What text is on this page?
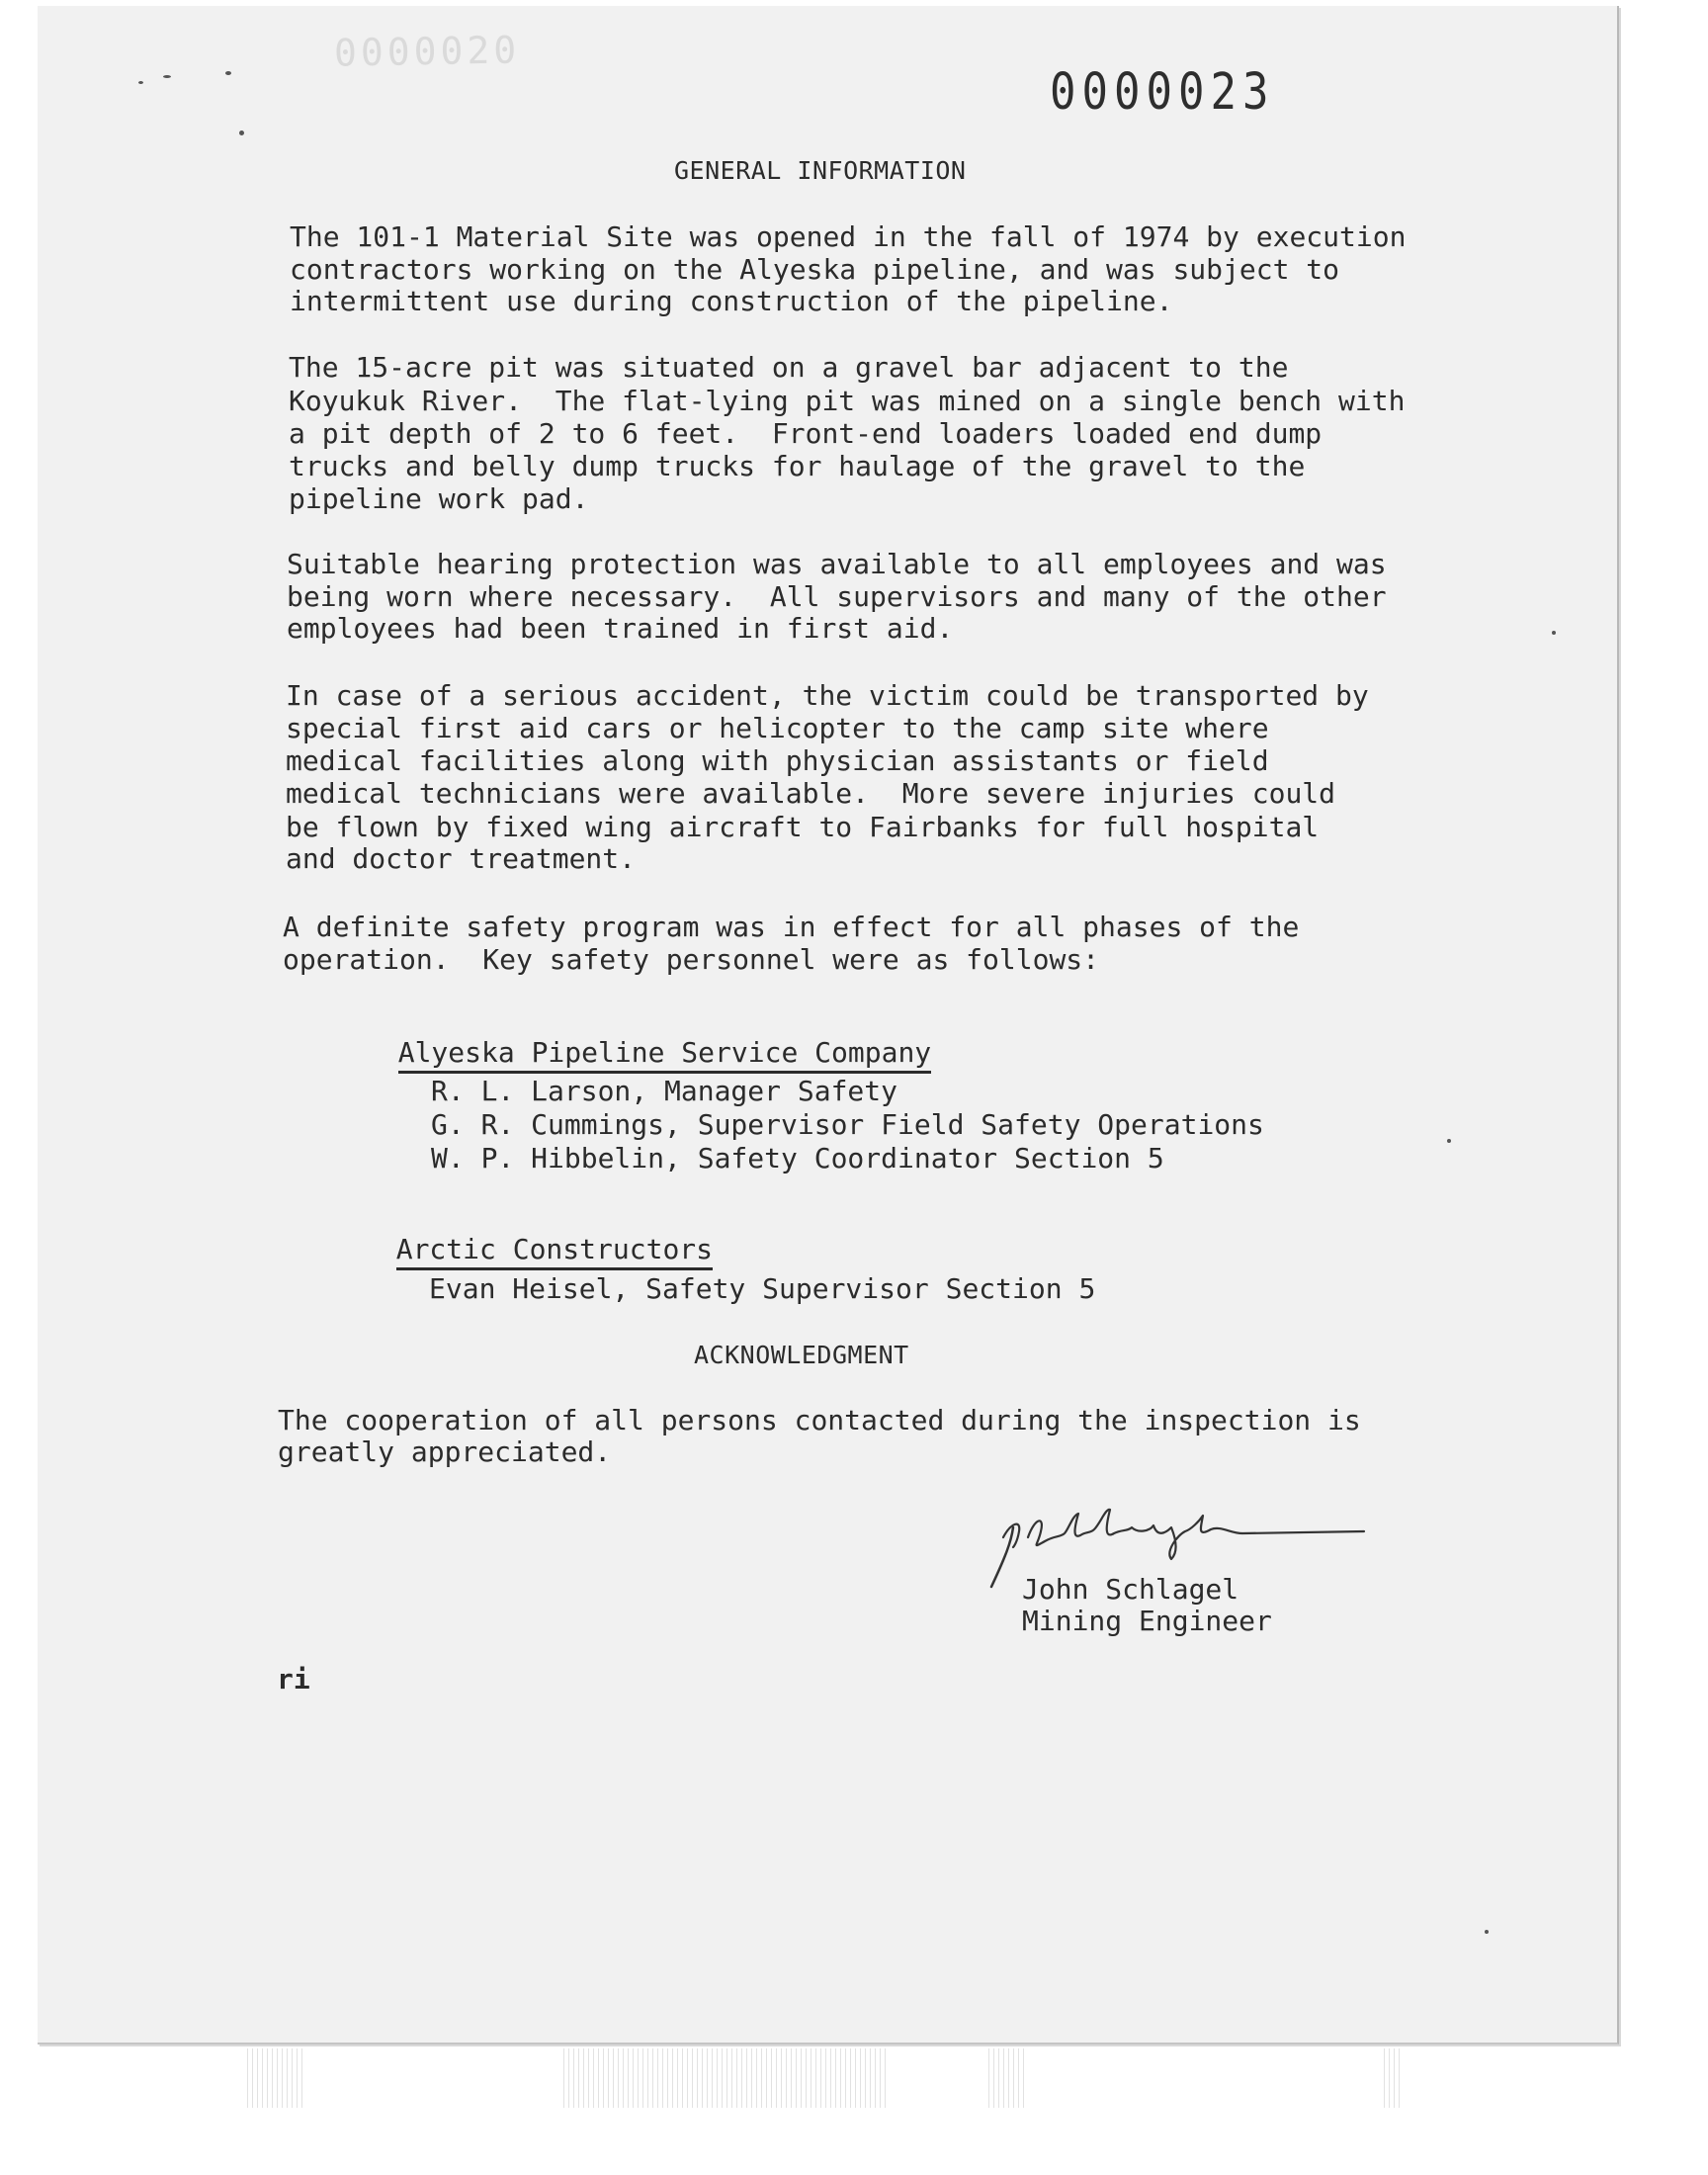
0000020
0000023
GENERAL INFORMATION
The 101-1 Material Site was opened in the fall of 1974 by execution
contractors working on the Alyeska pipeline, and was subject to
intermittent use during construction of the pipeline.
The 15-acre pit was situated on a gravel bar adjacent to the
Koyukuk River.  The flat-lying pit was mined on a single bench with
a pit depth of 2 to 6 feet.  Front-end loaders loaded end dump
trucks and belly dump trucks for haulage of the gravel to the
pipeline work pad.
Suitable hearing protection was available to all employees and was
being worn where necessary.  All supervisors and many of the other
employees had been trained in first aid.
In case of a serious accident, the victim could be transported by
special first aid cars or helicopter to the camp site where
medical facilities along with physician assistants or field
medical technicians were available.  More severe injuries could
be flown by fixed wing aircraft to Fairbanks for full hospital
and doctor treatment.
A definite safety program was in effect for all phases of the
operation.  Key safety personnel were as follows:

Alyeska Pipeline Service Company

R. L. Larson, Manager Safety
G. R. Cummings, Supervisor Field Safety Operations
W. P. Hibbelin, Safety Coordinator Section 5

Arctic Constructors

Evan Heisel, Safety Supervisor Section 5
ACKNOWLEDGMENT
The cooperation of all persons contacted during the inspection is
greatly appreciated.
John Schlagel
Mining Engineer
ri
